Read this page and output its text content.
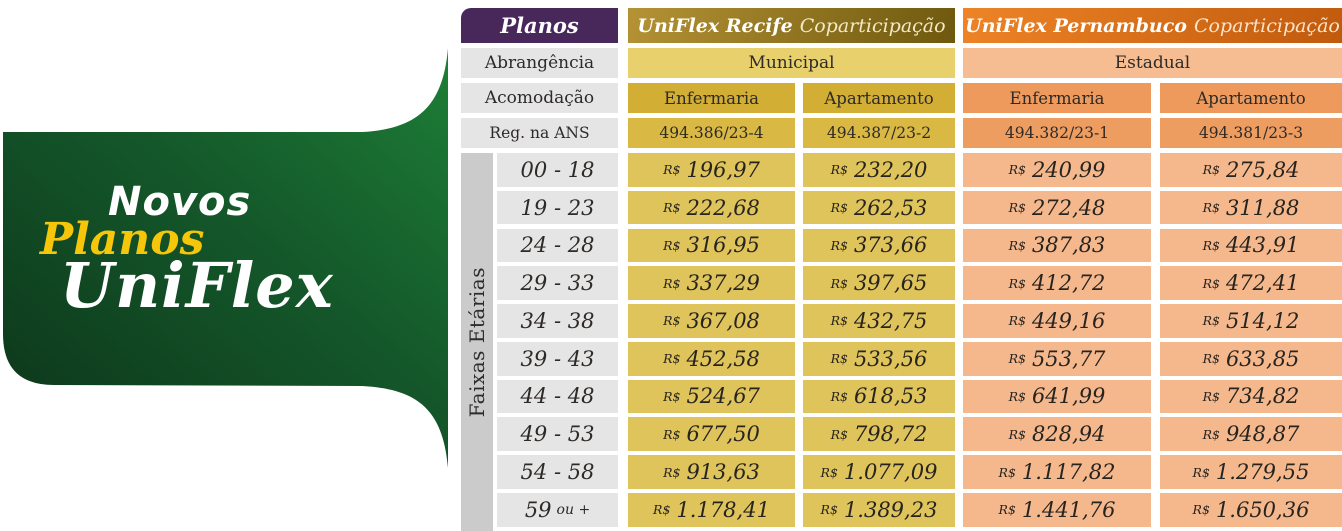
Novos
Planos
UniFlex
Planos	UniFlex Recife Coparticipação UniFlex Pernambuco Coparticipação
Abrangência	Municipal	Estadual
Acomodação	Enfermaria	Apartamento	Enfermaria	Apartamento
Reg. na ANS	494.386/23-4	494.387/23-2	494.382/23-1	494.381/23-3
Faixas Etárias
00 - 18	R$ 196,97	R$ 232,20	R$ 240,99	R$ 275,84
19 - 23	R$ 222,68	R$ 262,53	R$ 272,48	R$ 311,88
24 - 28	R$ 316,95	R$ 373,66	R$ 387,83	R$ 443,91
29 - 33	R$ 337,29	R$ 397,65	R$ 412,72	R$ 472,41
34 - 38	R$ 367,08	R$ 432,75	R$ 449,16	R$ 514,12
39 - 43	R$ 452,58	R$ 533,56	R$ 553,77	R$ 633,85
44 - 48	R$ 524,67	R$ 618,53	R$ 641,99	R$ 734,82
49 - 53	R$ 677,50	R$ 798,72	R$ 828,94	R$ 948,87
54 - 58	R$ 913,63	R$ 1.077,09	R$ 1.117,82	R$ 1.279,55
59 ou +	R$ 1.178,41	R$ 1.389,23	R$ 1.441,76	R$ 1.650,36
